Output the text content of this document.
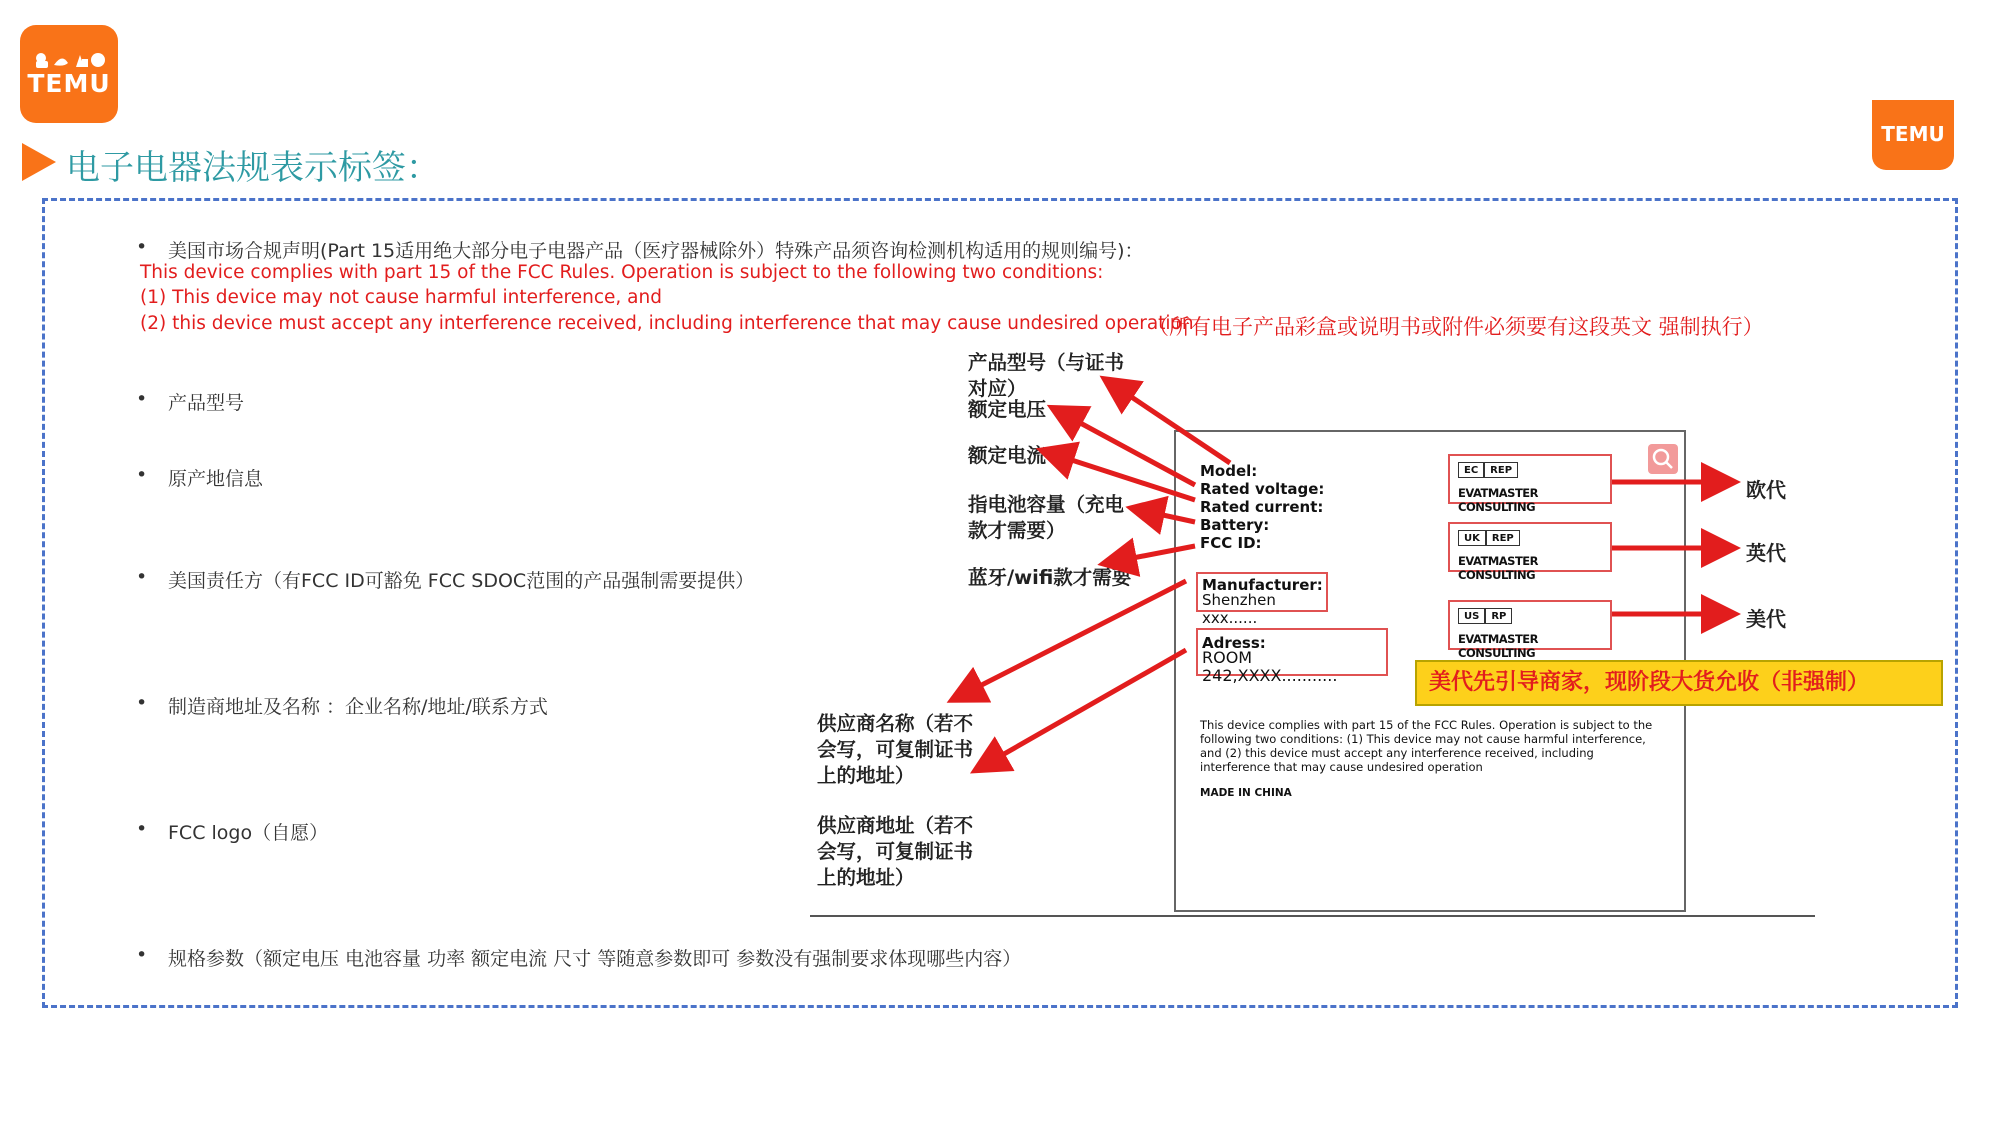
TEMU
TEMU
电子电器法规表示标签：
• 美国市场合规声明(Part 15适用绝大部分电子电器产品（医疗器械除外）特殊产品须咨询检测机构适用的规则编号)：
This device complies with part 15 of the FCC Rules. Operation is subject to the following two conditions:
(1) This device may not cause harmful interference, and
(2) this device must accept any interference received, including interference that may cause undesired operation
（所有电子产品彩盒或说明书或附件必须要有这段英文 强制执行）
• 产品型号
• 原产地信息
• 美国责任方（有FCC ID可豁免 FCC SDOC范围的产品强制需要提供）
• 制造商地址及名称 ：企业名称/地址/联系方式
• FCC logo（自愿）
• 规格参数（额定电压 电池容量 功率 额定电流 尺寸 等随意参数即可 参数没有强制要求体现哪些内容）
产品型号（与证书对应）
额定电压
额定电流
指电池容量（充电款才需要）
蓝牙/wifi款才需要
供应商名称（若不会写，可复制证书上的地址）
供应商地址（若不会写，可复制证书上的地址）
欧代
英代
美代
Model:
Rated voltage:
Rated current:
Battery:
FCC ID:
Manufacturer:
Shenzhen xxx......
Adress:
ROOM 242,XXXX...........
EC	REP
EVATMASTER CONSULTING
UK	REP
EVATMASTER CONSULTING
US	RP
EVATMASTER CONSULTING
This device complies with part 15 of the FCC Rules. Operation is subject to the following two conditions: (1) This device may not cause harmful interference, and (2) this device must accept any interference received, including interference that may cause undesired operation
MADE IN CHINA
美代先引导商家，现阶段大货允收（非强制）
